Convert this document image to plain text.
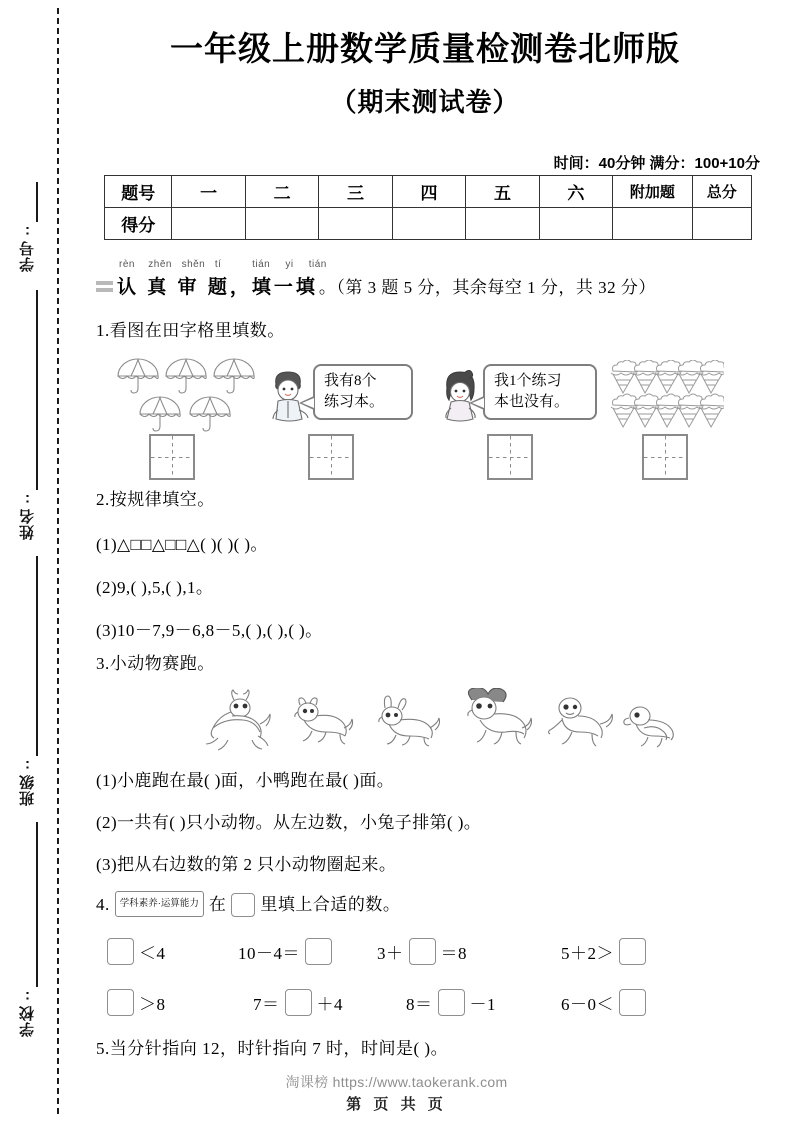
学号:
姓名:
班级:
学校:
一年级上册数学质量检测卷北师版
（期末测试卷）
时间：40分钟 满分：100+10分
题号	一	二	三	四	五	六	附加题	总分
得分								
rèn zhēn shěn tí	tián yi tián
认 真 审 题，填一填 。（第 3 题 5 分，其余每空 1 分，共 32 分）
1.看图在田字格里填数。
我有8个
练习本。
我1个练习
本也没有。
2.按规律填空。
(1)△□□△□□△( )( )( )。
(2)9,( ),5,( ),1。
(3)10－7,9－6,8－5,( ),( ),( )。
3.小动物赛跑。
(1)小鹿跑在最( )面，小鸭跑在最( )面。
(2)一共有( )只小动物。从左边数，小兔子排第( )。
(3)把从右边数的第 2 只小动物圈起来。
4.	学科素养·运算能力 在 里填上合适的数。
＜4	10－4＝	3＋ ＝8	5＋2＞
＞8	7＝ ＋4	8＝ －1	6－0＜
5.当分针指向 12，时针指向 7 时，时间是( )。
淘课榜 https://www.taokerank.com
第 页 共 页
